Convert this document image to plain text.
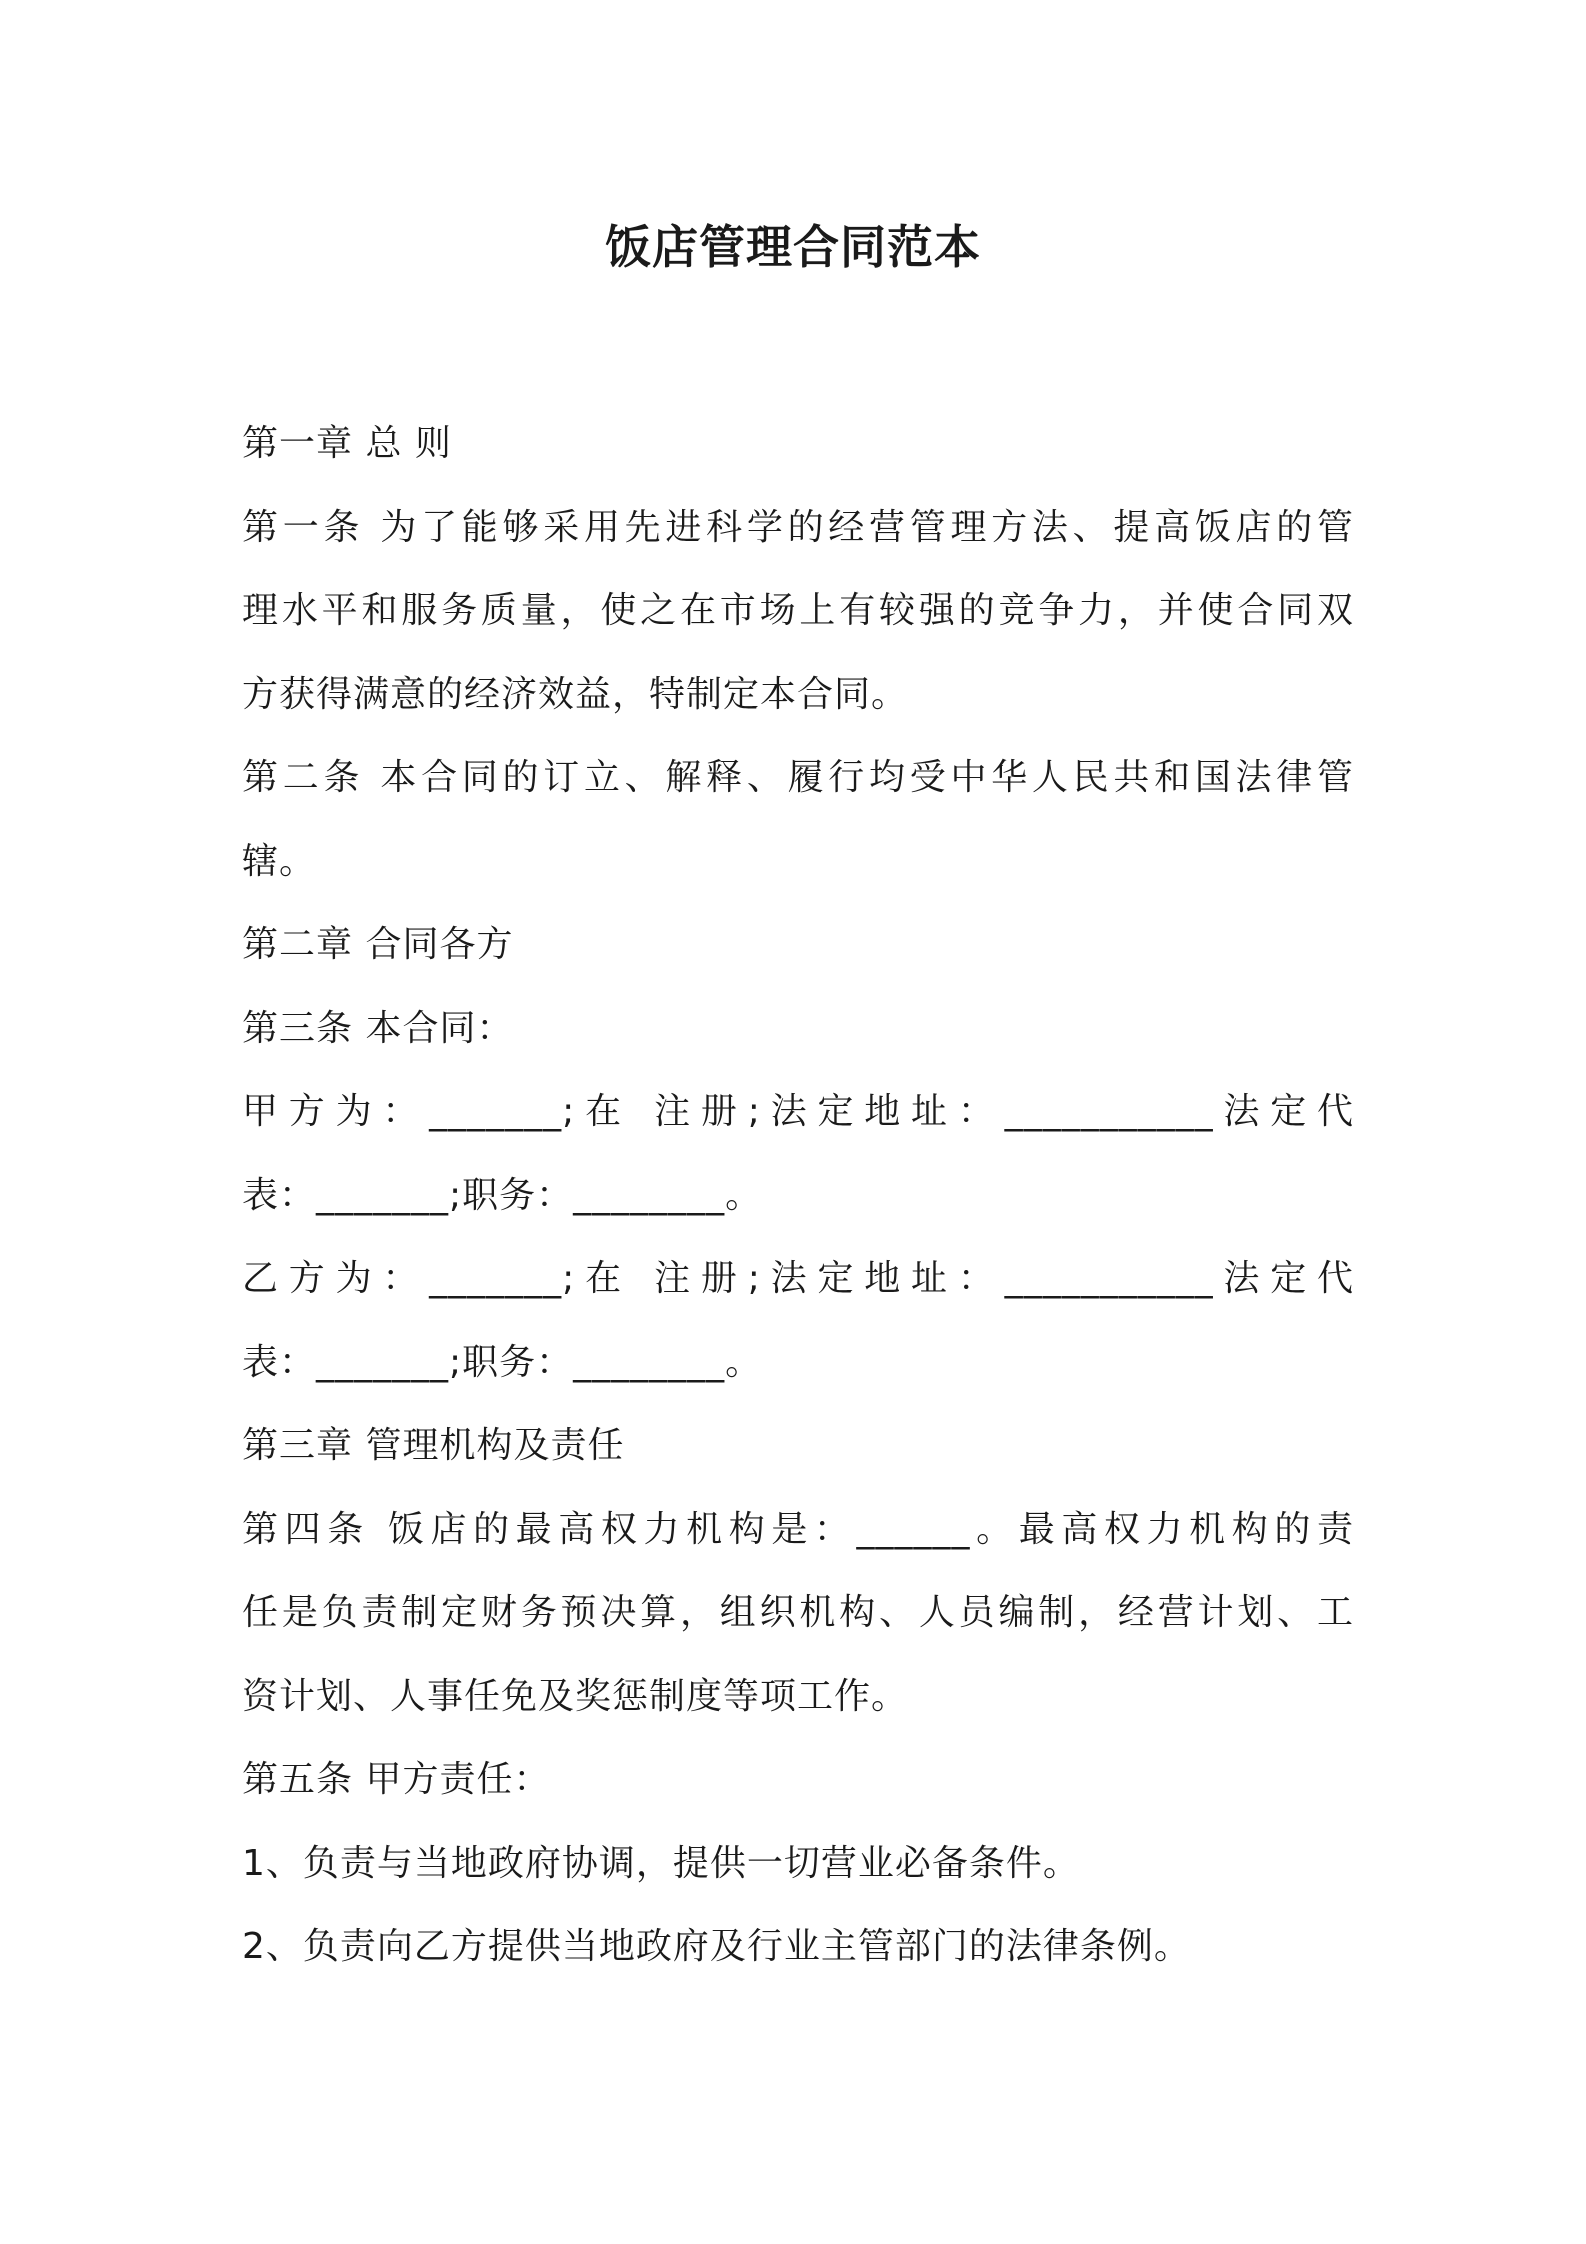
饭店管理合同范本
第一章 总 则
第一条 为了能够采用先进科学的经营管理方法、提高饭店的管
理水平和服务质量，使之在市场上有较强的竞争力，并使合同双
方获得满意的经济效益，特制定本合同。
第二条 本合同的订立、解释、履行均受中华人民共和国法律管
辖。
第二章 合同各方
第三条 本合同：
甲方为：_______;在 注册;法定地址：___________法定代
表：_______;职务：________。
乙方为：_______;在 注册;法定地址：___________法定代
表：_______;职务：________。
第三章 管理机构及责任
第四条 饭店的最高权力机构是：______。最高权力机构的责
任是负责制定财务预决算，组织机构、人员编制，经营计划、工
资计划、人事任免及奖惩制度等项工作。
第五条 甲方责任：
1、负责与当地政府协调，提供一切营业必备条件。
2、负责向乙方提供当地政府及行业主管部门的法律条例。
